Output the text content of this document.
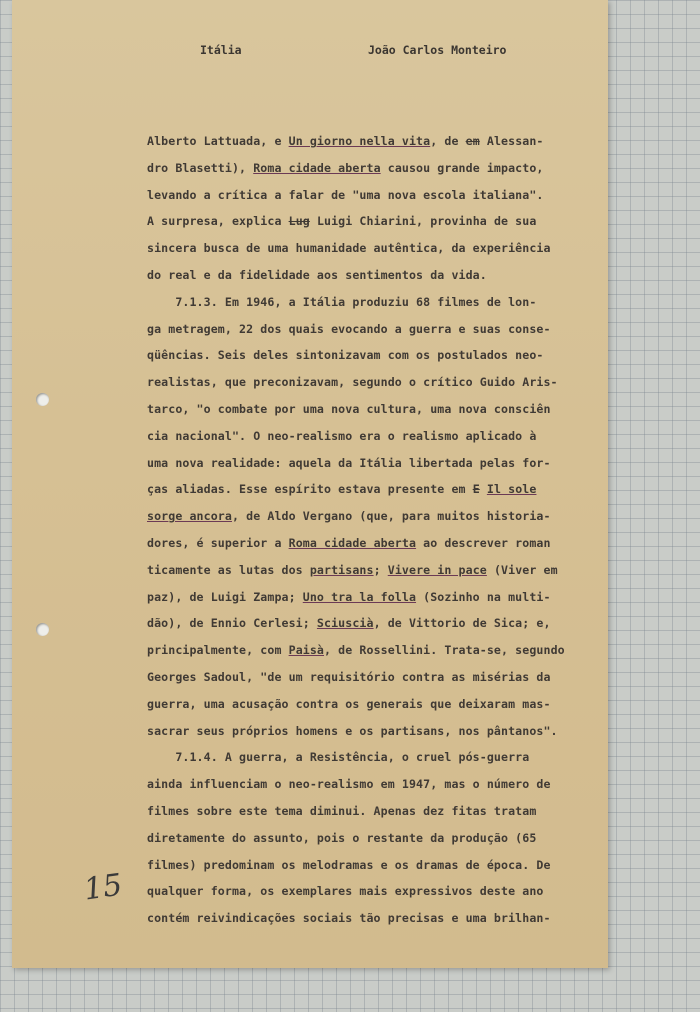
Itália	João Carlos Monteiro
Alberto Lattuada, e Un giorno nella vita, de em Alessan-
dro Blasetti), Roma cidade aberta causou grande impacto,
levando a crítica a falar de "uma nova escola italiana".
A surpresa, explica Lug Luigi Chiarini, provinha de sua
sincera busca de uma humanidade autêntica, da experiência
do real e da fidelidade aos sentimentos da vida.
7.1.3. Em 1946, a Itália produziu 68 filmes de lon-
ga metragem, 22 dos quais evocando a guerra e suas conse-
qüências. Seis deles sintonizavam com os postulados neo-
realistas, que preconizavam, segundo o crítico Guido Aris-
tarco, "o combate por uma nova cultura, uma nova consciên
cia nacional". O neo-realismo era o realismo aplicado à
uma nova realidade: aquela da Itália libertada pelas for-
ças aliadas. Esse espírito estava presente em E Il sole
sorge ancora, de Aldo Vergano (que, para muitos historia-
dores, é superior a Roma cidade aberta ao descrever roman
ticamente as lutas dos partisans; Vivere in pace (Viver em
paz), de Luigi Zampa; Uno tra la folla (Sozinho na multi-
dão), de Ennio Cerlesi; Sciuscià, de Vittorio de Sica; e,
principalmente, com Paisà, de Rossellini. Trata-se, segundo
Georges Sadoul, "de um requisitório contra as misérias da
guerra, uma acusação contra os generais que deixaram mas-
sacrar seus próprios homens e os partisans, nos pântanos".
7.1.4. A guerra, a Resistência, o cruel pós-guerra
ainda influenciam o neo-realismo em 1947, mas o número de
filmes sobre este tema diminui. Apenas dez fitas tratam
diretamente do assunto, pois o restante da produção (65
filmes) predominam os melodramas e os dramas de época. De
qualquer forma, os exemplares mais expressivos deste ano
contém reivindicações sociais tão precisas e uma brilhan-
15
